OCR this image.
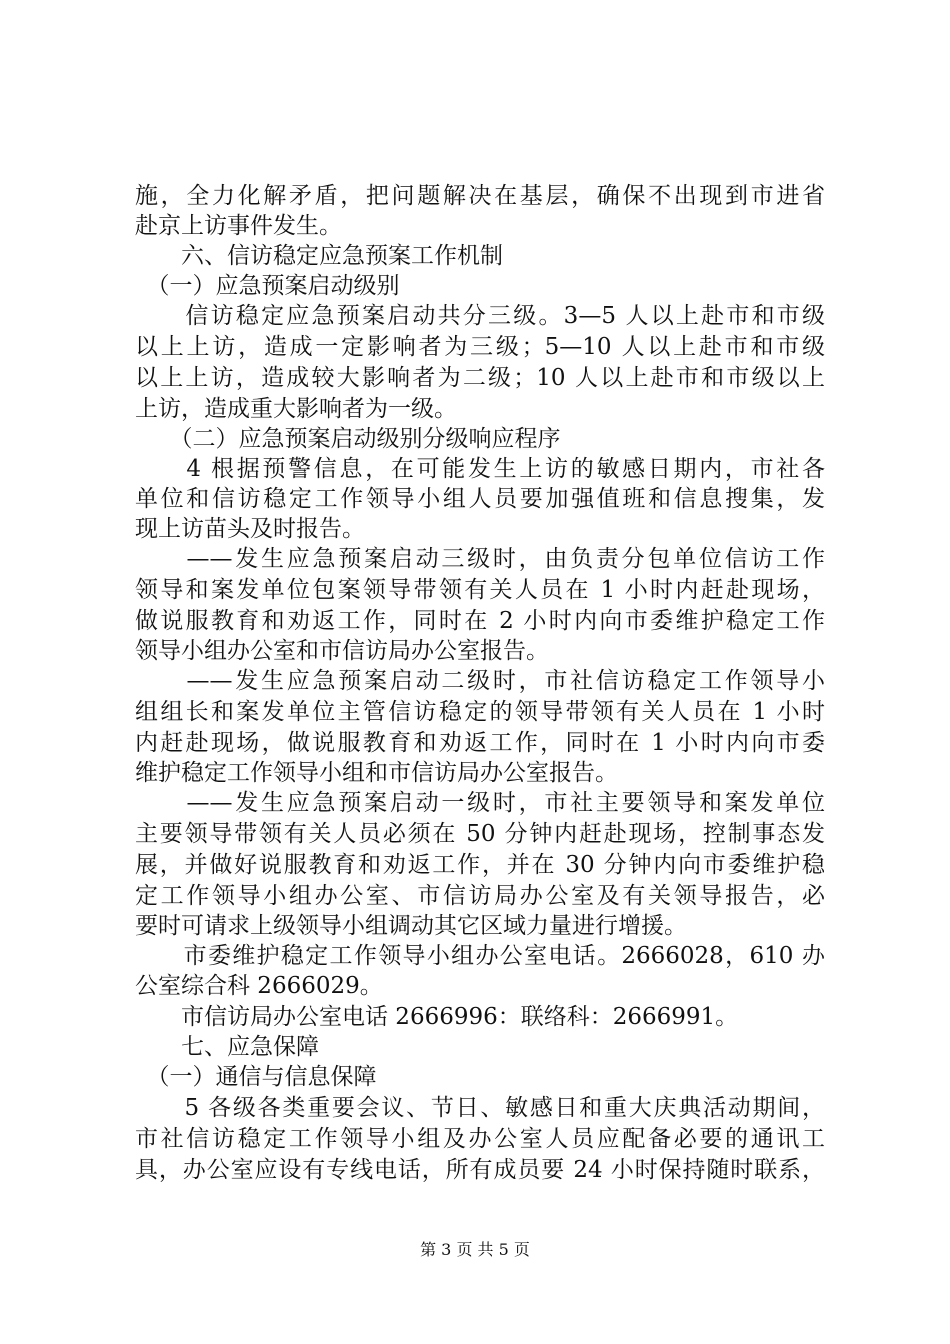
施，全力化解矛盾，把问题解决在基层，确保不出现到市进省
赴京上访事件发生。
　　六、信访稳定应急预案工作机制
　（一）应急预案启动级别
　　信访稳定应急预案启动共分三级。3—5 人以上赴市和市级
以上上访，造成一定影响者为三级；5—10 人以上赴市和市级
以上上访，造成较大影响者为二级；10 人以上赴市和市级以上
上访，造成重大影响者为一级。
　　（二）应急预案启动级别分级响应程序
　　4 根据预警信息，在可能发生上访的敏感日期内，市社各
单位和信访稳定工作领导小组人员要加强值班和信息搜集，发
现上访苗头及时报告。
　　——发生应急预案启动三级时，由负责分包单位信访工作
领导和案发单位包案领导带领有关人员在 1 小时内赶赴现场，
做说服教育和劝返工作，同时在 2 小时内向市委维护稳定工作
领导小组办公室和市信访局办公室报告。
　　——发生应急预案启动二级时，市社信访稳定工作领导小
组组长和案发单位主管信访稳定的领导带领有关人员在 1 小时
内赶赴现场，做说服教育和劝返工作，同时在 1 小时内向市委
维护稳定工作领导小组和市信访局办公室报告。
　　——发生应急预案启动一级时，市社主要领导和案发单位
主要领导带领有关人员必须在 50 分钟内赶赴现场，控制事态发
展，并做好说服教育和劝返工作，并在 30 分钟内向市委维护稳
定工作领导小组办公室、市信访局办公室及有关领导报告，必
要时可请求上级领导小组调动其它区域力量进行增援。
　　市委维护稳定工作领导小组办公室电话。2666028，610 办
公室综合科 2666029。
　　市信访局办公室电话 2666996：联络科：2666991。
　　七、应急保障
　（一）通信与信息保障
　　5 各级各类重要会议、节日、敏感日和重大庆典活动期间，
市社信访稳定工作领导小组及办公室人员应配备必要的通讯工
具，办公室应设有专线电话，所有成员要 24 小时保持随时联系，
第 3 页 共 5 页
